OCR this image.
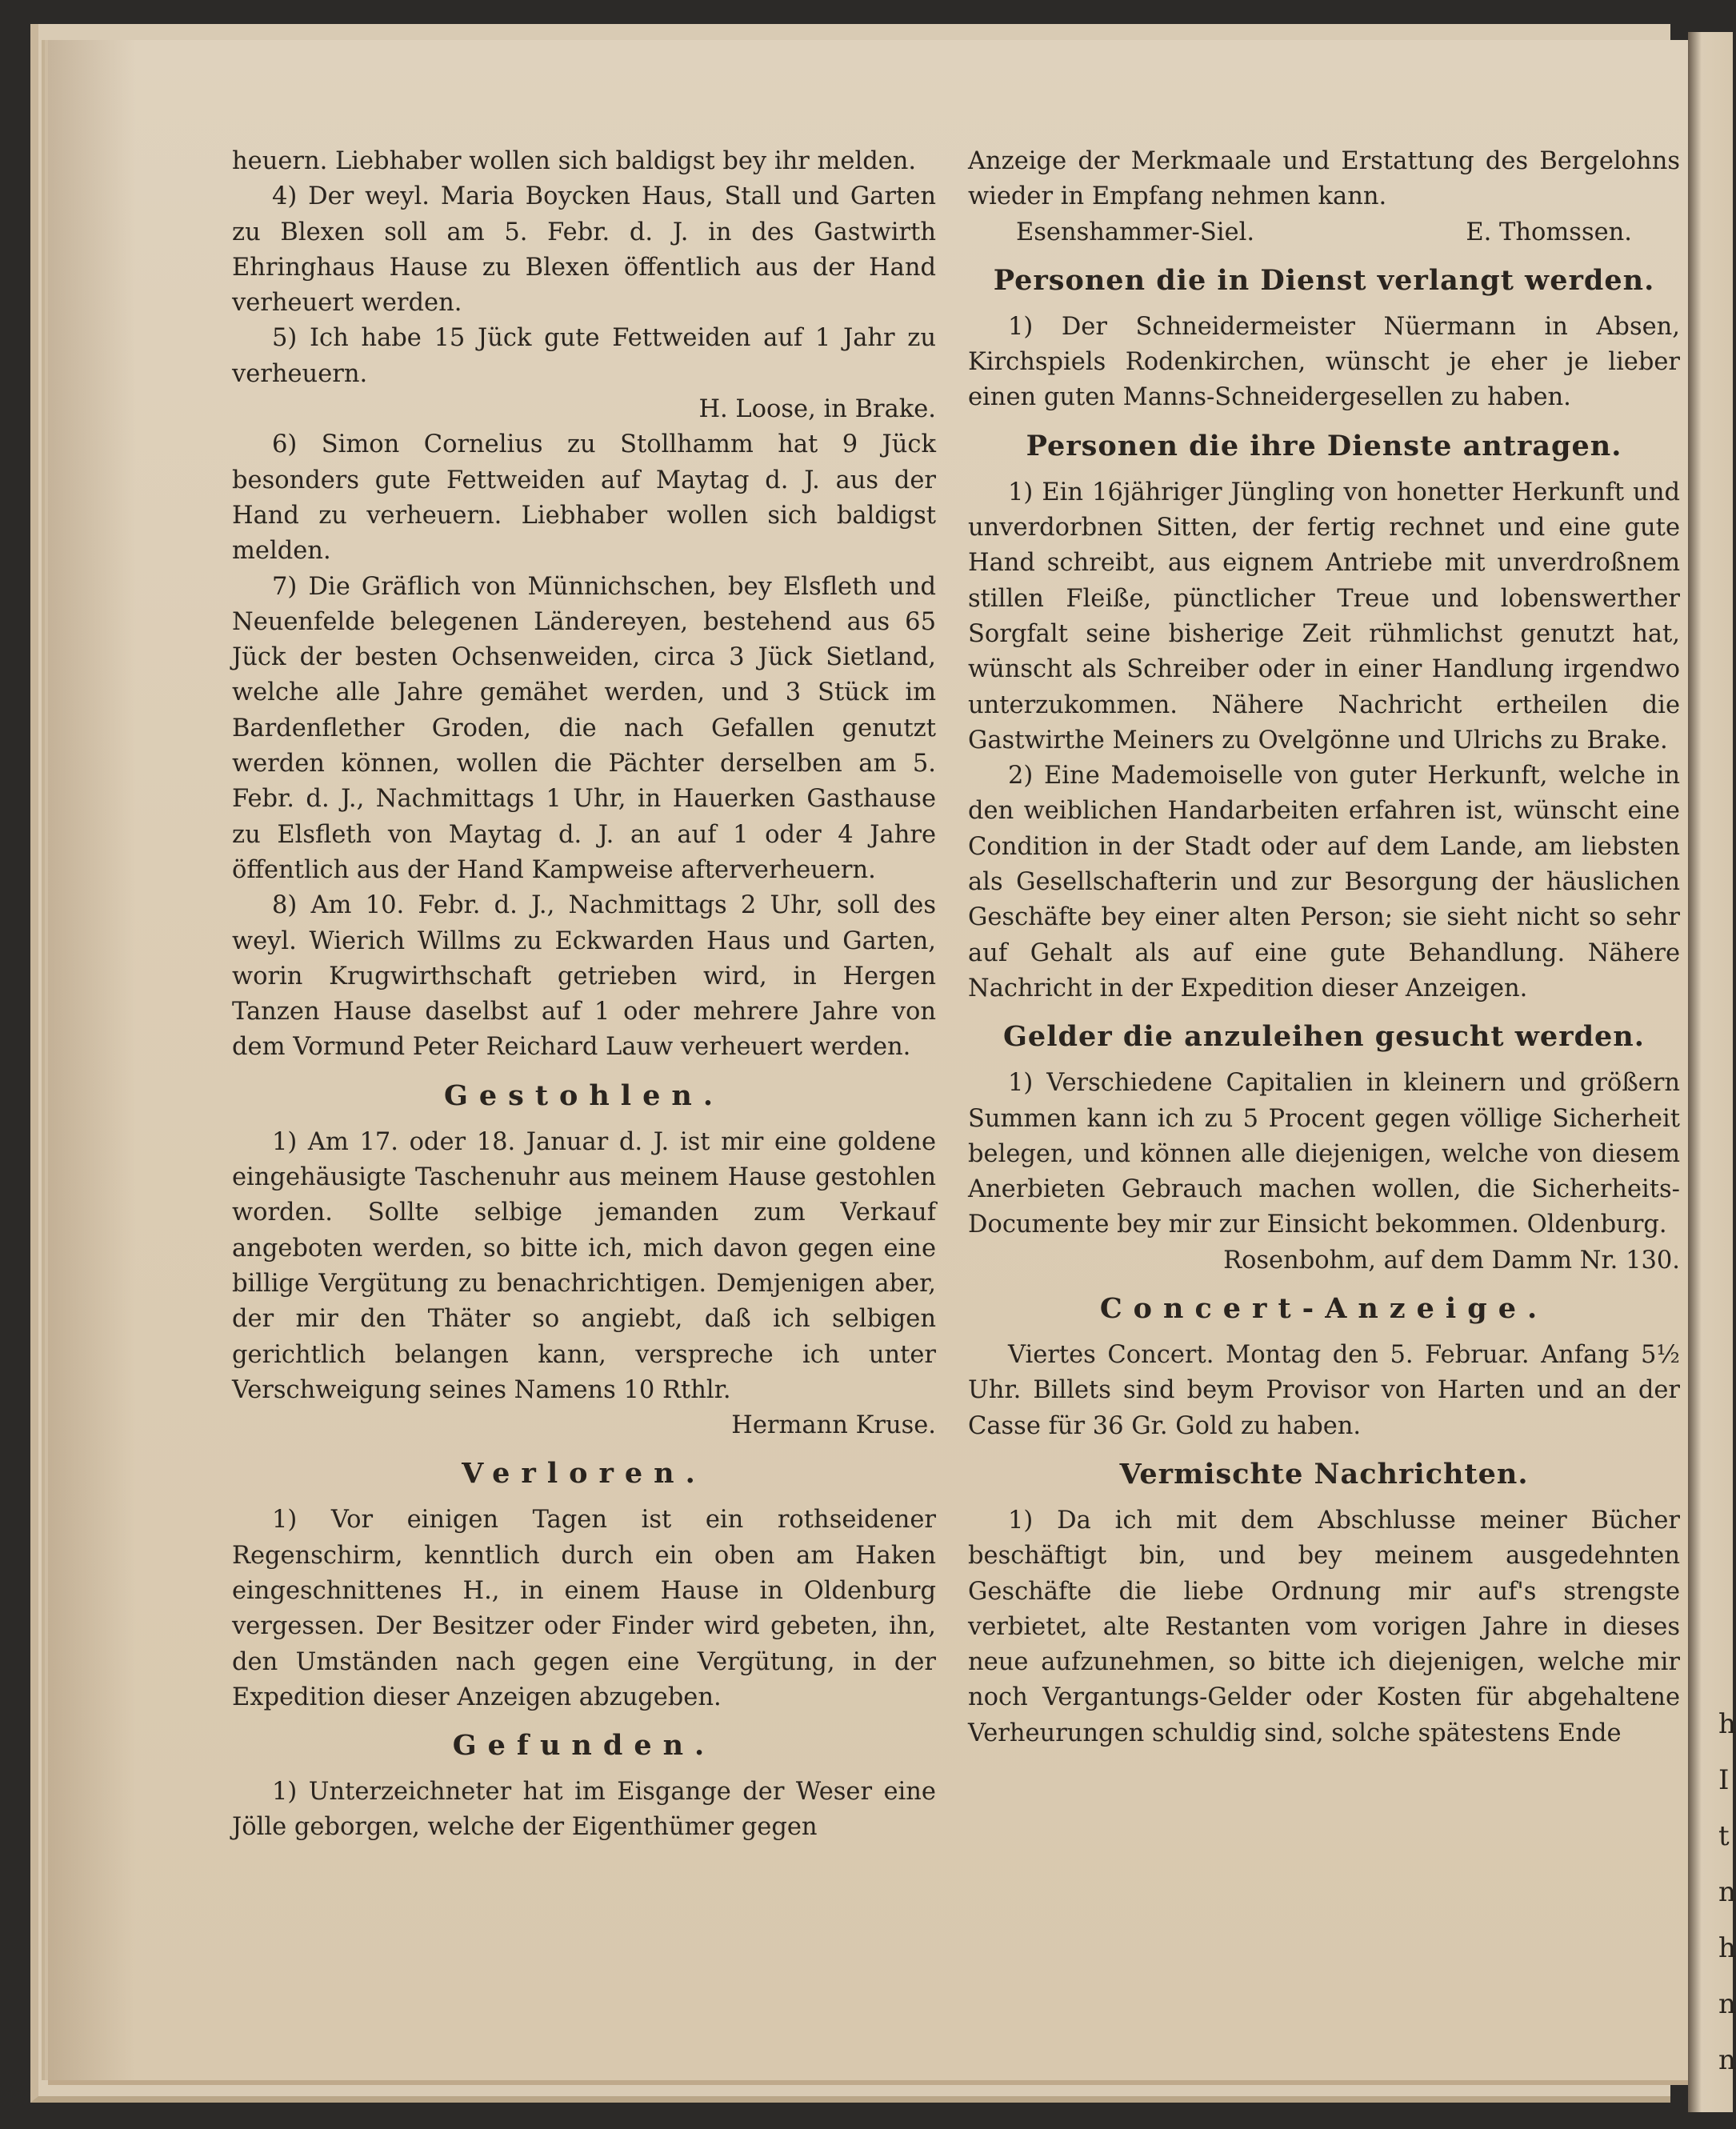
h I t n h n n

heuern. Liebhaber wollen sich baldigst bey ihr melden.

4) Der weyl. Maria Boycken Haus, Stall und Garten zu Blexen soll am 5. Febr. d. J. in des Gastwirth Ehringhaus Hause zu Blexen öffentlich aus der Hand verheuert werden.

5) Ich habe 15 Jück gute Fettweiden auf 1 Jahr zu verheuern.

H. Loose, in Brake.

6) Simon Cornelius zu Stollhamm hat 9 Jück besonders gute Fettweiden auf Maytag d. J. aus der Hand zu verheuern. Liebhaber wollen sich baldigst melden.

7) Die Gräflich von Münnichschen, bey Elsfleth und Neuenfelde belegenen Ländereyen, bestehend aus 65 Jück der besten Ochsenweiden, circa 3 Jück Sietland, welche alle Jahre gemähet werden, und 3 Stück im Bardenflether Groden, die nach Gefallen genutzt werden können, wollen die Pächter derselben am 5. Febr. d. J., Nachmittags 1 Uhr, in Hauerken Gasthause zu Elsfleth von Maytag d. J. an auf 1 oder 4 Jahre öffentlich aus der Hand Kampweise afterverheuern.

8) Am 10. Febr. d. J., Nachmittags 2 Uhr, soll des weyl. Wierich Willms zu Eckwarden Haus und Garten, worin Krugwirthschaft getrieben wird, in Hergen Tanzen Hause daselbst auf 1 oder mehrere Jahre von dem Vormund Peter Reichard Lauw verheuert werden.

Gestohlen.

1) Am 17. oder 18. Januar d. J. ist mir eine goldene eingehäusigte Taschenuhr aus meinem Hause gestohlen worden. Sollte selbige jemanden zum Verkauf angeboten werden, so bitte ich, mich davon gegen eine billige Vergütung zu benachrichtigen. Demjenigen aber, der mir den Thäter so angiebt, daß ich selbigen gerichtlich belangen kann, verspreche ich unter Verschweigung seines Namens 10 Rthlr.

Hermann Kruse.

Verloren.

1) Vor einigen Tagen ist ein rothseidener Regenschirm, kenntlich durch ein oben am Haken eingeschnittenes H., in einem Hause in Oldenburg vergessen. Der Besitzer oder Finder wird gebeten, ihn, den Umständen nach gegen eine Vergütung, in der Expedition dieser Anzeigen abzugeben.

Gefunden.

1) Unterzeichneter hat im Eisgange der Weser eine Jölle geborgen, welche der Eigenthümer gegen

Anzeige der Merkmaale und Erstattung des Bergelohns wieder in Empfang nehmen kann.

Esenshammer-Siel.	E. Thomssen.

Personen die in Dienst verlangt werden.

1) Der Schneidermeister Nüermann in Absen, Kirchspiels Rodenkirchen, wünscht je eher je lieber einen guten Manns-Schneidergesellen zu haben.

Personen die ihre Dienste antragen.

1) Ein 16jähriger Jüngling von honetter Herkunft und unverdorbnen Sitten, der fertig rechnet und eine gute Hand schreibt, aus eignem Antriebe mit unverdroßnem stillen Fleiße, pünctlicher Treue und lobenswerther Sorgfalt seine bisherige Zeit rühmlichst genutzt hat, wünscht als Schreiber oder in einer Handlung irgendwo unterzukommen. Nähere Nachricht ertheilen die Gastwirthe Meiners zu Ovelgönne und Ulrichs zu Brake.

2) Eine Mademoiselle von guter Herkunft, welche in den weiblichen Handarbeiten erfahren ist, wünscht eine Condition in der Stadt oder auf dem Lande, am liebsten als Gesellschafterin und zur Besorgung der häuslichen Geschäfte bey einer alten Person; sie sieht nicht so sehr auf Gehalt als auf eine gute Behandlung. Nähere Nachricht in der Expedition dieser Anzeigen.

Gelder die anzuleihen gesucht werden.

1) Verschiedene Capitalien in kleinern und größern Summen kann ich zu 5 Procent gegen völlige Sicherheit belegen, und können alle diejenigen, welche von diesem Anerbieten Gebrauch machen wollen, die Sicherheits-Documente bey mir zur Einsicht bekommen. Oldenburg.

Rosenbohm, auf dem Damm Nr. 130.

Concert-Anzeige.

Viertes Concert. Montag den 5. Februar. Anfang 5½ Uhr. Billets sind beym Provisor von Harten und an der Casse für 36 Gr. Gold zu haben.

Vermischte Nachrichten.

1) Da ich mit dem Abschlusse meiner Bücher beschäftigt bin, und bey meinem ausgedehnten Geschäfte die liebe Ordnung mir auf's strengste verbietet, alte Restanten vom vorigen Jahre in dieses neue aufzunehmen, so bitte ich diejenigen, welche mir noch Vergantungs-Gelder oder Kosten für abgehaltene Verheurungen schuldig sind, solche spätestens Ende
